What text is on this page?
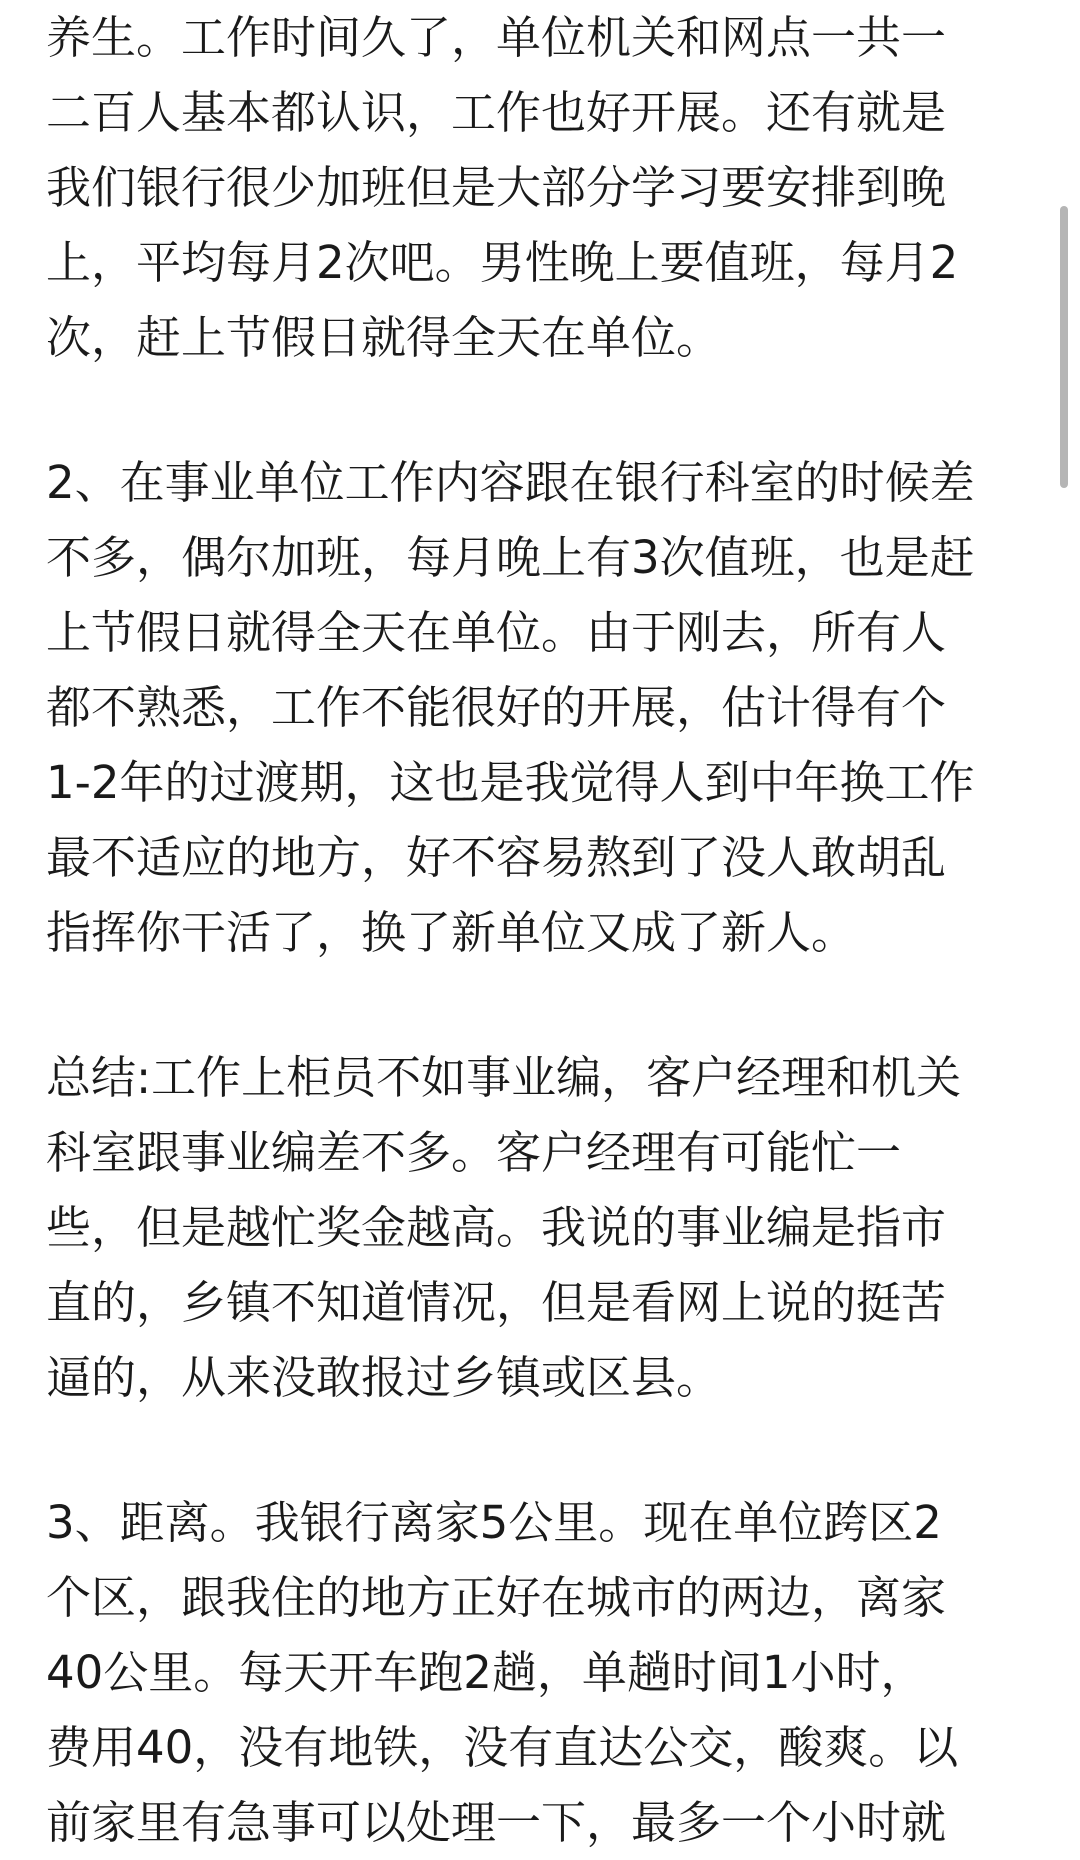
养生。工作时间久了，单位机关和网点一共一
二百人基本都认识，工作也好开展。还有就是
我们银行很少加班但是大部分学习要安排到晚
上，平均每月2次吧。男性晚上要值班，每月2
次，赶上节假日就得全天在单位。
2、在事业单位工作内容跟在银行科室的时候差
不多，偶尔加班，每月晚上有3次值班，也是赶
上节假日就得全天在单位。由于刚去，所有人
都不熟悉，工作不能很好的开展，估计得有个
1-2年的过渡期，这也是我觉得人到中年换工作
最不适应的地方，好不容易熬到了没人敢胡乱
指挥你干活了，换了新单位又成了新人。
总结:工作上柜员不如事业编，客户经理和机关
科室跟事业编差不多。客户经理有可能忙一
些，但是越忙奖金越高。我说的事业编是指市
直的，乡镇不知道情况，但是看网上说的挺苦
逼的，从来没敢报过乡镇或区县。
3、距离。我银行离家5公里。现在单位跨区2
个区，跟我住的地方正好在城市的两边，离家
40公里。每天开车跑2趟，单趟时间1小时，
费用40，没有地铁，没有直达公交，酸爽。以
前家里有急事可以处理一下，最多一个小时就
